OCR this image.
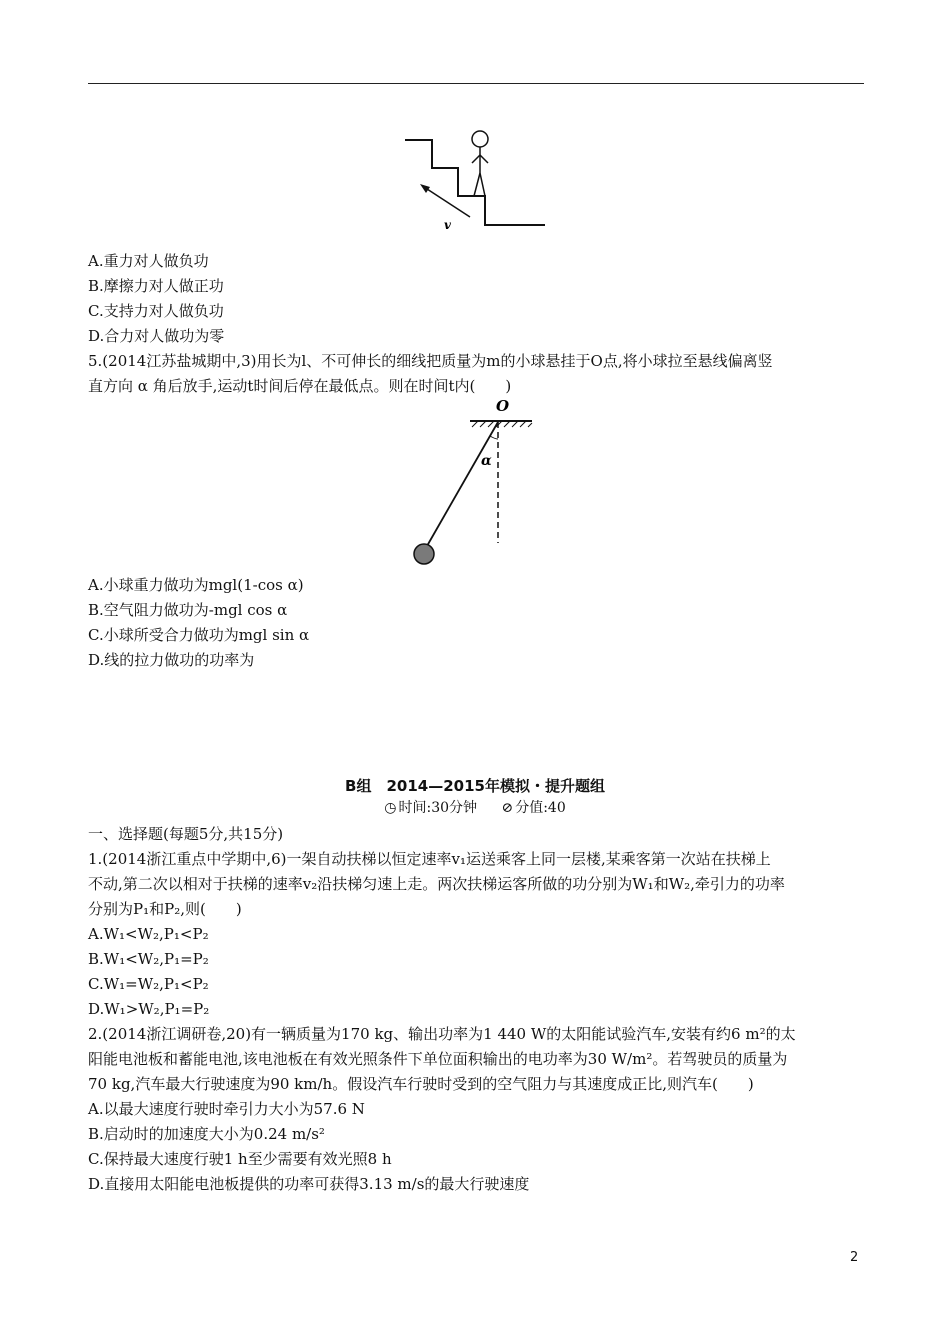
v
A.重力对人做负功
B.摩擦力对人做正功
C.支持力对人做负功
D.合力对人做功为零
5.(2014江苏盐城期中,3)用长为l、不可伸长的细线把质量为m的小球悬挂于O点,将小球拉至悬线偏离竖
直方向 α 角后放手,运动t时间后停在最低点。则在时间t内(　　)
O
α
A.小球重力做功为mgl(1-cos α)
B.空气阻力做功为-mgl cos α
C.小球所受合力做功为mgl sin α
D.线的拉力做功的功率为
B组　2014—2015年模拟・提升题组
◷ 时间:30分钟 ⊘ 分值:40
一、选择题(每题5分,共15分)
1.(2014浙江重点中学期中,6)一架自动扶梯以恒定速率v₁运送乘客上同一层楼,某乘客第一次站在扶梯上
不动,第二次以相对于扶梯的速率v₂沿扶梯匀速上走。两次扶梯运客所做的功分别为W₁和W₂,牵引力的功率
分别为P₁和P₂,则(　　)
A.W₁<W₂,P₁<P₂
B.W₁<W₂,P₁=P₂
C.W₁=W₂,P₁<P₂
D.W₁>W₂,P₁=P₂
2.(2014浙江调研卷,20)有一辆质量为170 kg、输出功率为1 440 W的太阳能试验汽车,安装有约6 m²的太
阳能电池板和蓄能电池,该电池板在有效光照条件下单位面积输出的电功率为30 W/m²。若驾驶员的质量为
70 kg,汽车最大行驶速度为90 km/h。假设汽车行驶时受到的空气阻力与其速度成正比,则汽车(　　)
A.以最大速度行驶时牵引力大小为57.6 N
B.启动时的加速度大小为0.24 m/s²
C.保持最大速度行驶1 h至少需要有效光照8 h
D.直接用太阳能电池板提供的功率可获得3.13 m/s的最大行驶速度
2
